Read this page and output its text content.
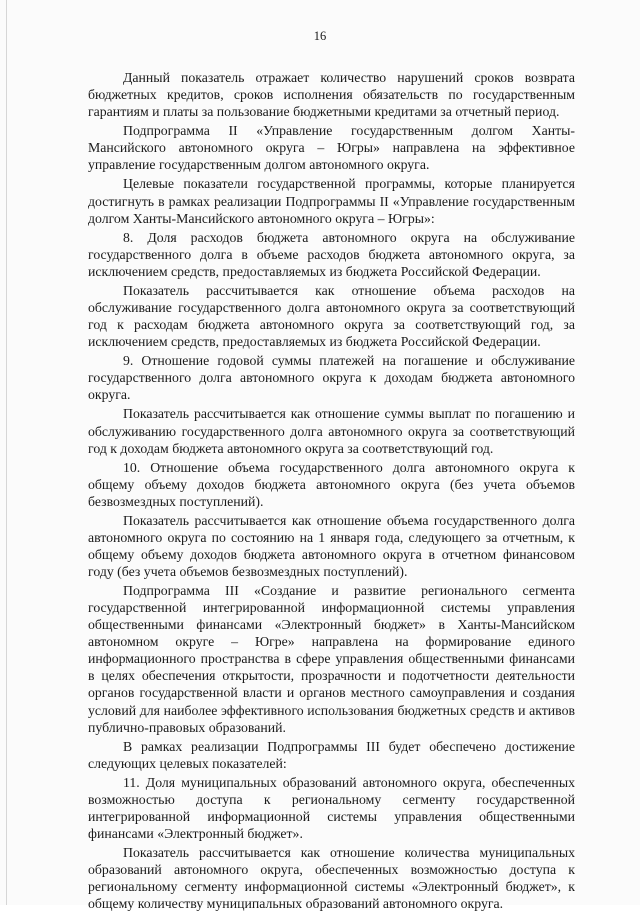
16

Данный показатель отражает количество нарушений сроков возврата бюджетных кредитов, сроков исполнения обязательств по государственным гарантиям и платы за пользование бюджетными кредитами за отчетный период.

Подпрограмма II «Управление государственным долгом Ханты-Мансийского автономного округа – Югры» направлена на эффективное управление государственным долгом автономного округа.

Целевые показатели государственной программы, которые планируется достигнуть в рамках реализации Подпрограммы II «Управление государственным долгом Ханты-Мансийского автономного округа – Югры»:

8. Доля расходов бюджета автономного округа на обслуживание государственного долга в объеме расходов бюджета автономного округа, за исключением средств, предоставляемых из бюджета Российской Федерации.

Показатель рассчитывается как отношение объема расходов на обслуживание государственного долга автономного округа за соответствующий год к расходам бюджета автономного округа за соответствующий год, за исключением средств, предоставляемых из бюджета Российской Федерации.

9. Отношение годовой суммы платежей на погашение и обслуживание государственного долга автономного округа к доходам бюджета автономного округа.

Показатель рассчитывается как отношение суммы выплат по погашению и обслуживанию государственного долга автономного округа за соответствующий год к доходам бюджета автономного округа за соответствующий год.

10. Отношение объема государственного долга автономного округа к общему объему доходов бюджета автономного округа (без учета объемов безвозмездных поступлений).

Показатель рассчитывается как отношение объема государственного долга автономного округа по состоянию на 1 января года, следующего за отчетным, к общему объему доходов бюджета автономного округа в отчетном финансовом году (без учета объемов безвозмездных поступлений).

Подпрограмма III «Создание и развитие регионального сегмента государственной интегрированной информационной системы управления общественными финансами «Электронный бюджет» в Ханты-Мансийском автономном округе – Югре» направлена на формирование единого информационного пространства в сфере управления общественными финансами в целях обеспечения открытости, прозрачности и подотчетности деятельности органов государственной власти и органов местного самоуправления и создания условий для наиболее эффективного использования бюджетных средств и активов публично-правовых образований.

В рамках реализации Подпрограммы III будет обеспечено достижение следующих целевых показателей:

11. Доля муниципальных образований автономного округа, обеспеченных возможностью доступа к региональному сегменту государственной интегрированной информационной системы управления общественными финансами «Электронный бюджет».

Показатель рассчитывается как отношение количества муниципальных образований автономного округа, обеспеченных возможностью доступа к региональному сегменту информационной системы «Электронный бюджет», к общему количеству муниципальных образований автономного округа.
